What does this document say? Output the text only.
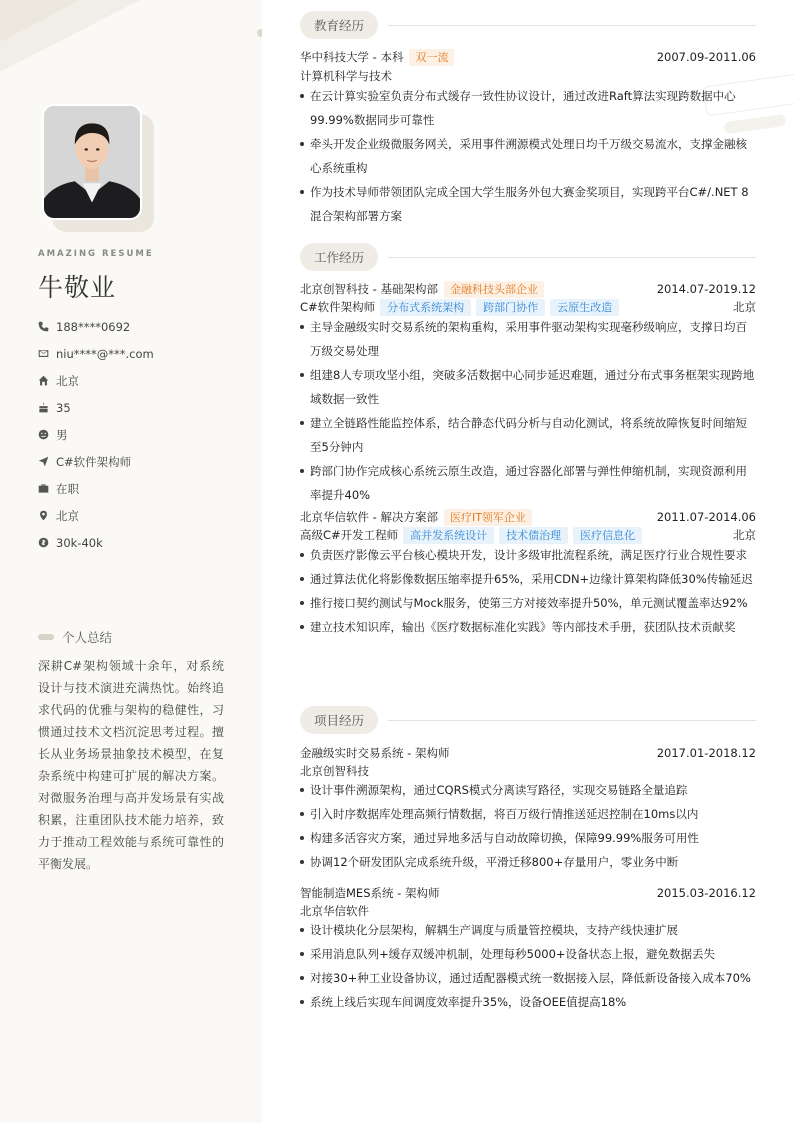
AMAZING RESUME
牛敬业
188****0692
niu****@***.com
北京
35
男
C#软件架构师
在职
北京
30k-40k
个人总结
深耕C#架构领域十余年，对系统设计与技术演进充满热忱。始终追求代码的优雅与架构的稳健性，习惯通过技术文档沉淀思考过程。擅长从业务场景抽象技术模型，在复杂系统中构建可扩展的解决方案。对微服务治理与高并发场景有实战积累，注重团队技术能力培养，致力于推动工程效能与系统可靠性的平衡发展。
教育经历
华中科技大学 - 本科	双一流	2007.09-2011.06
计算机科学与技术
在云计算实验室负责分布式缓存一致性协议设计，通过改进Raft算法实现跨数据中心99.99%数据同步可靠性
牵头开发企业级微服务网关，采用事件溯源模式处理日均千万级交易流水，支撑金融核心系统重构
作为技术导师带领团队完成全国大学生服务外包大赛金奖项目，实现跨平台C#/.NET 8混合架构部署方案
工作经历
北京创智科技 - 基础架构部	金融科技头部企业	2014.07-2019.12
C#软件架构师	分布式系统架构	跨部门协作	云原生改造	北京
主导金融级实时交易系统的架构重构，采用事件驱动架构实现毫秒级响应，支撑日均百万级交易处理
组建8人专项攻坚小组，突破多活数据中心同步延迟难题，通过分布式事务框架实现跨地域数据一致性
建立全链路性能监控体系，结合静态代码分析与自动化测试，将系统故障恢复时间缩短至5分钟内
跨部门协作完成核心系统云原生改造，通过容器化部署与弹性伸缩机制，实现资源利用率提升40%
北京华信软件 - 解决方案部	医疗IT领军企业	2011.07-2014.06
高级C#开发工程师	高并发系统设计	技术债治理	医疗信息化	北京
负责医疗影像云平台核心模块开发，设计多级审批流程系统，满足医疗行业合规性要求
通过算法优化将影像数据压缩率提升65%，采用CDN+边缘计算架构降低30%传输延迟
推行接口契约测试与Mock服务，使第三方对接效率提升50%，单元测试覆盖率达92%
建立技术知识库，输出《医疗数据标准化实践》等内部技术手册，获团队技术贡献奖
项目经历
金融级实时交易系统 - 架构师	2017.01-2018.12
北京创智科技
设计事件溯源架构，通过CQRS模式分离读写路径，实现交易链路全量追踪
引入时序数据库处理高频行情数据，将百万级行情推送延迟控制在10ms以内
构建多活容灾方案，通过异地多活与自动故障切换，保障99.99%服务可用性
协调12个研发团队完成系统升级，平滑迁移800+存量用户，零业务中断
智能制造MES系统 - 架构师	2015.03-2016.12
北京华信软件
设计模块化分层架构，解耦生产调度与质量管控模块，支持产线快速扩展
采用消息队列+缓存双缓冲机制，处理每秒5000+设备状态上报，避免数据丢失
对接30+种工业设备协议，通过适配器模式统一数据接入层，降低新设备接入成本70%
系统上线后实现车间调度效率提升35%，设备OEE值提高18%
